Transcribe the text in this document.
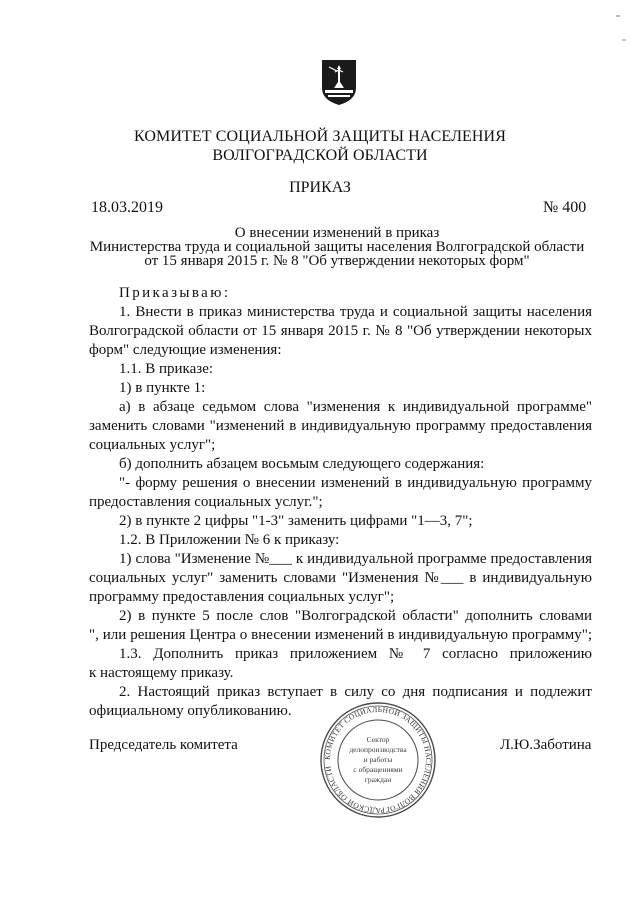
КОМИТЕТ СОЦИАЛЬНОЙ ЗАЩИТЫ НАСЕЛЕНИЯ
ВОЛГОГРАДСКОЙ ОБЛАСТИ
ПРИКАЗ
18.03.2019	№ 400
О внесении изменений в приказ
Министерства труда и социальной защиты населения Волгоградской области
от 15 января 2015 г. № 8 "Об утверждении некоторых форм"

Приказываю:

1. Внести в приказ министерства труда и социальной защиты населения

Волгоградской области от 15 января 2015 г. № 8 "Об утверждении некоторых

форм" следующие изменения:

1.1. В приказе:

1) в пункте 1:

а) в абзаце седьмом слова "изменения к индивидуальной программе"

заменить словами "изменений в индивидуальную программу предоставления

социальных услуг";

б) дополнить абзацем восьмым следующего содержания:

"- форму решения о внесении изменений в индивидуальную программу

предоставления социальных услуг.";

2) в пункте 2 цифры "1-3" заменить цифрами "1—3, 7";

1.2. В Приложении № 6 к приказу:

1) слова "Изменение №___ к индивидуальной программе предоставления

социальных услуг" заменить словами "Изменения №___ в индивидуальную

программу предоставления социальных услуг";

2) в пункте 5 после слов "Волгоградской области" дополнить словами

", или решения Центра о внесении изменений в индивидуальную программу";

1.3. Дополнить приказ приложением № 7 согласно приложению

к настоящему приказу.

2. Настоящий приказ вступает в силу со дня подписания и подлежит

официальному опубликованию.

КОМИТЕТ СОЦИАЛЬНОЙ ЗАЩИТЫ НАСЕЛЕНИЯ ВОЛГОГРАДСКОЙ ОБЛАСТИ
Сектор
делопроизводства
и работы
с обращениями
граждан
Председатель комитета	Л.Ю.Заботина
